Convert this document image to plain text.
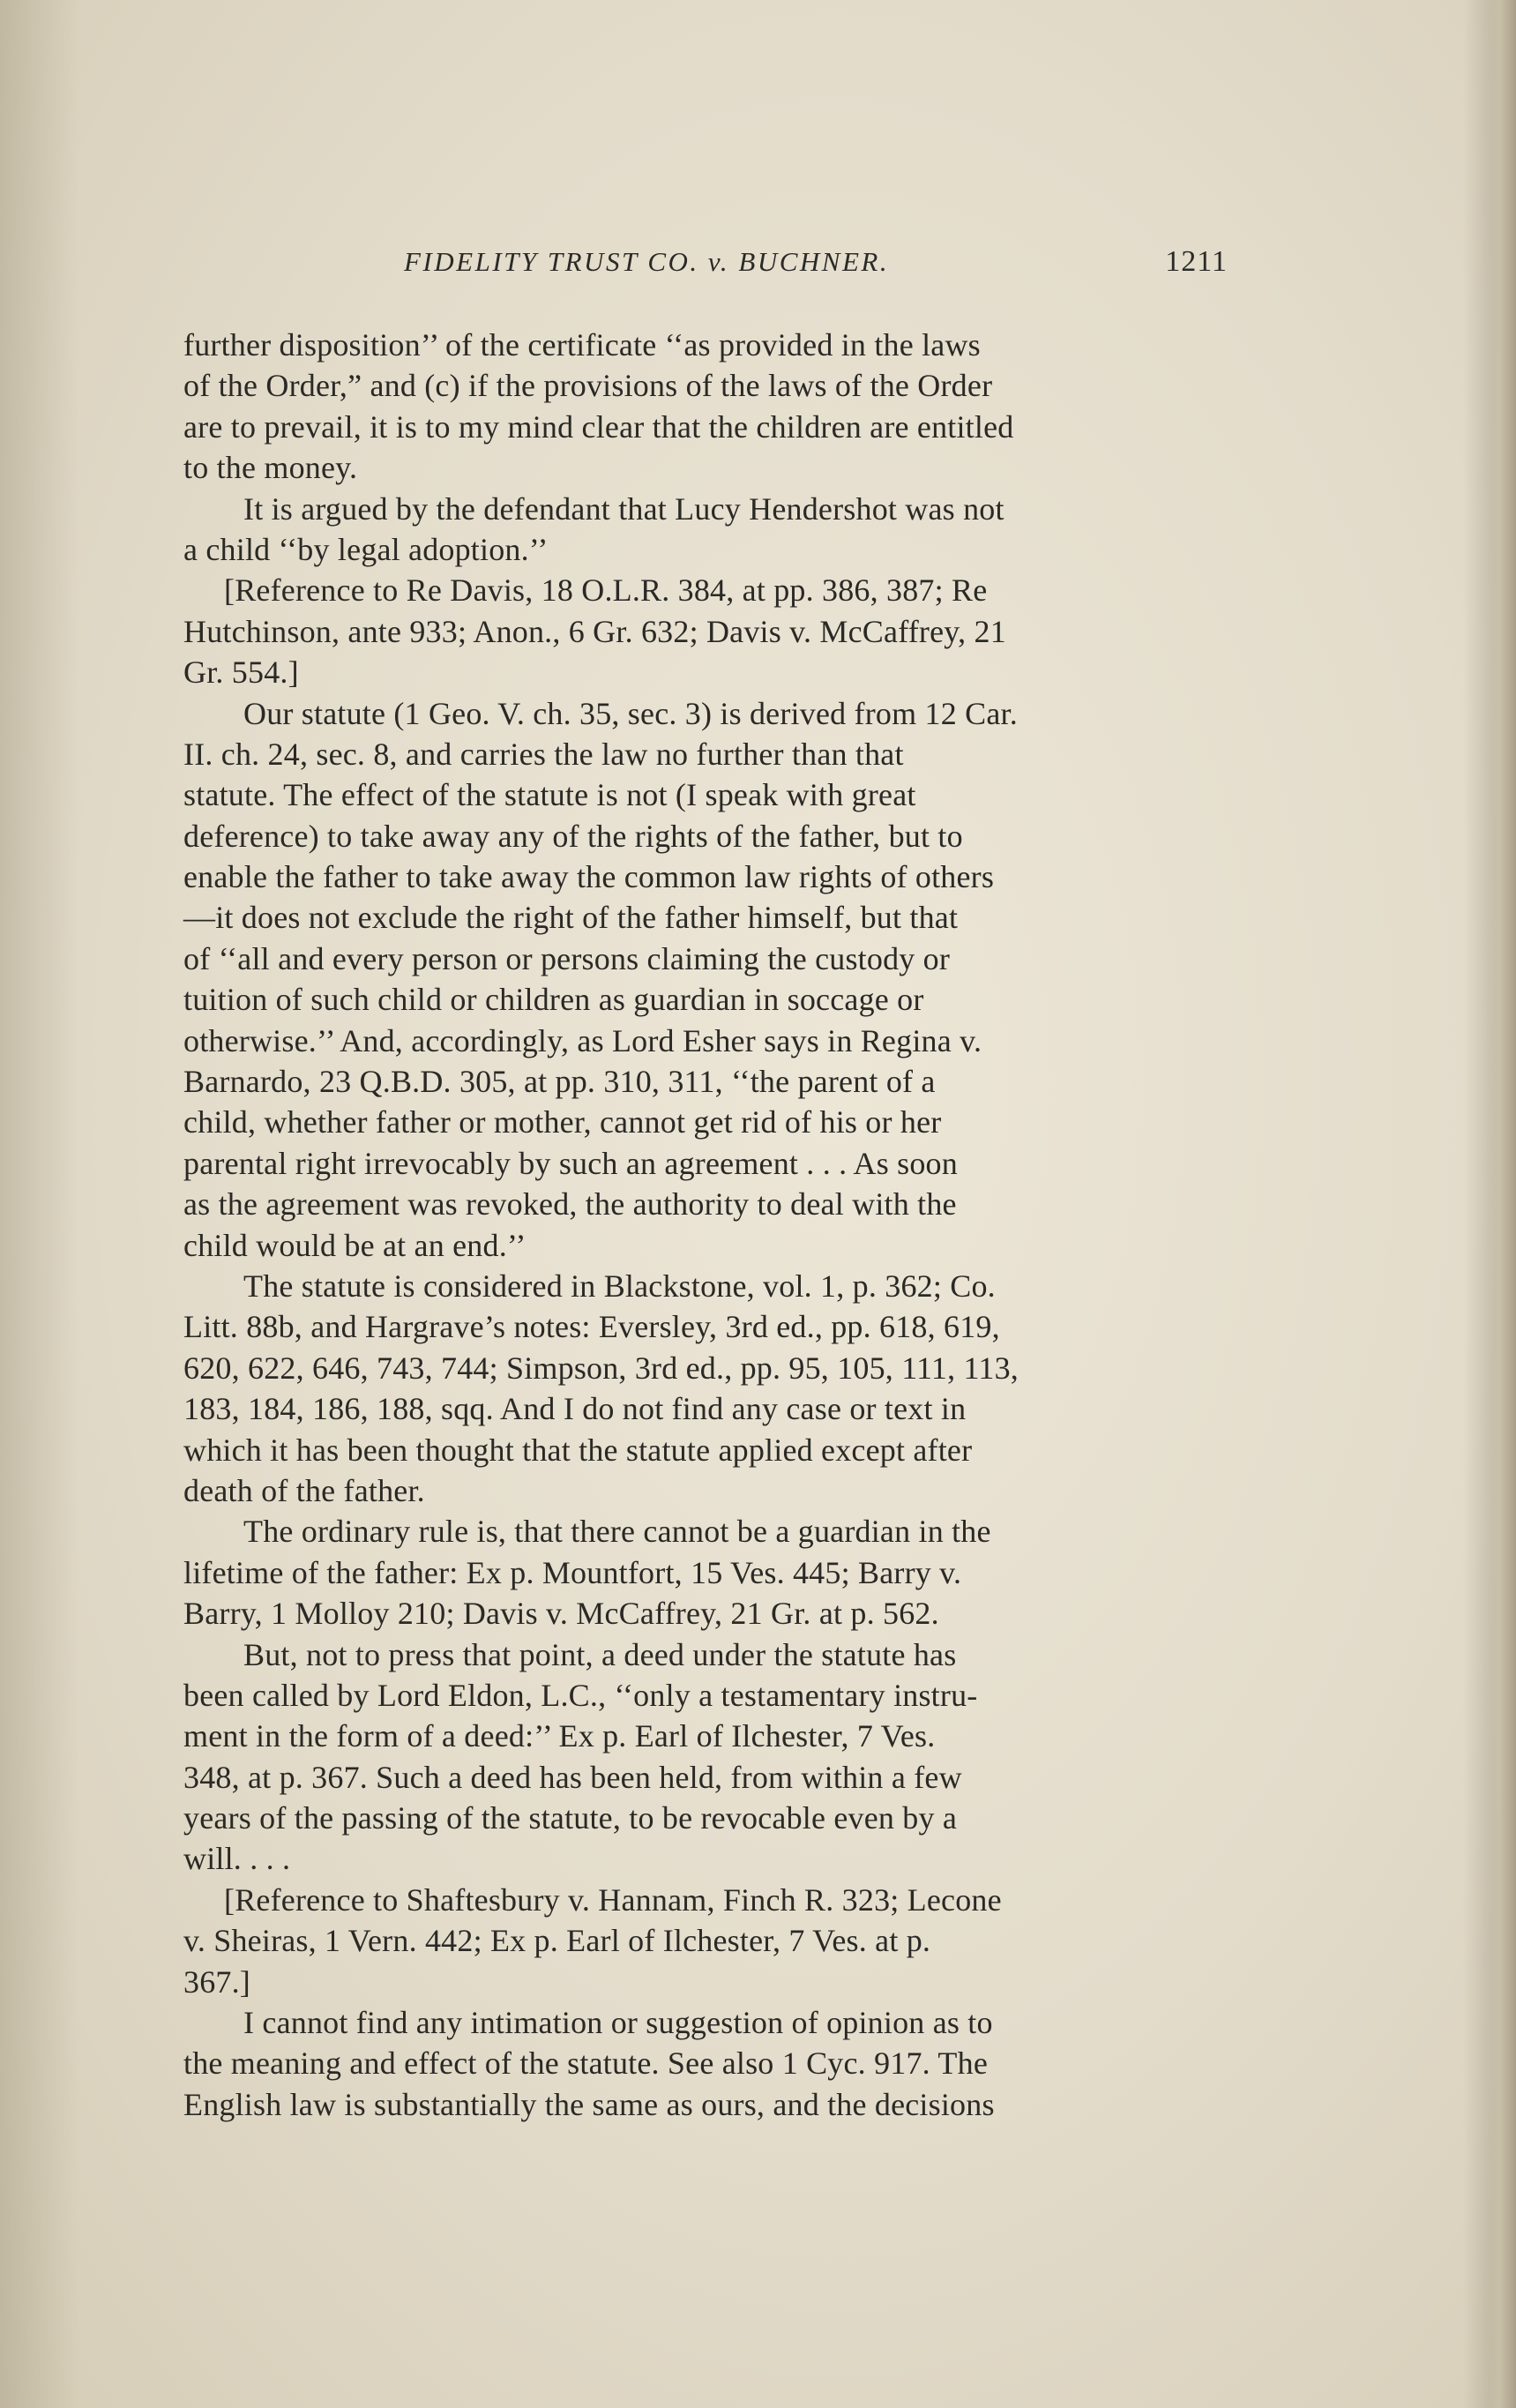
FIDELITY TRUST CO. v. BUCHNER.	1211
further disposition’’ of the certificate ‘‘as provided in the laws
of the Order,” and (c) if the provisions of the laws of the Order
are to prevail, it is to my mind clear that the children are entitled
to the money.
It is argued by the defendant that Lucy Hendershot was not
a child ‘‘by legal adoption.’’
[Reference to Re Davis, 18 O.L.R. 384, at pp. 386, 387; Re
Hutchinson, ante 933; Anon., 6 Gr. 632; Davis v. McCaffrey, 21
Gr. 554.]
Our statute (1 Geo. V. ch. 35, sec. 3) is derived from 12 Car.
II. ch. 24, sec. 8, and carries the law no further than that
statute. The effect of the statute is not (I speak with great
deference) to take away any of the rights of the father, but to
enable the father to take away the common law rights of others
—it does not exclude the right of the father himself, but that
of ‘‘all and every person or persons claiming the custody or
tuition of such child or children as guardian in soccage or
otherwise.’’ And, accordingly, as Lord Esher says in Regina v.
Barnardo, 23 Q.B.D. 305, at pp. 310, 311, ‘‘the parent of a
child, whether father or mother, cannot get rid of his or her
parental right irrevocably by such an agreement . . . As soon
as the agreement was revoked, the authority to deal with the
child would be at an end.’’
The statute is considered in Blackstone, vol. 1, p. 362; Co.
Litt. 88b, and Hargrave’s notes: Eversley, 3rd ed., pp. 618, 619,
620, 622, 646, 743, 744; Simpson, 3rd ed., pp. 95, 105, 111, 113,
183, 184, 186, 188, sqq. And I do not find any case or text in
which it has been thought that the statute applied except after
death of the father.
The ordinary rule is, that there cannot be a guardian in the
lifetime of the father: Ex p. Mountfort, 15 Ves. 445; Barry v.
Barry, 1 Molloy 210; Davis v. McCaffrey, 21 Gr. at p. 562.
But, not to press that point, a deed under the statute has
been called by Lord Eldon, L.C., ‘‘only a testamentary instru-
ment in the form of a deed:’’ Ex p. Earl of Ilchester, 7 Ves.
348, at p. 367. Such a deed has been held, from within a few
years of the passing of the statute, to be revocable even by a
will. . . .
[Reference to Shaftesbury v. Hannam, Finch R. 323; Lecone
v. Sheiras, 1 Vern. 442; Ex p. Earl of Ilchester, 7 Ves. at p.
367.]
I cannot find any intimation or suggestion of opinion as to
the meaning and effect of the statute. See also 1 Cyc. 917. The
English law is substantially the same as ours, and the decisions
